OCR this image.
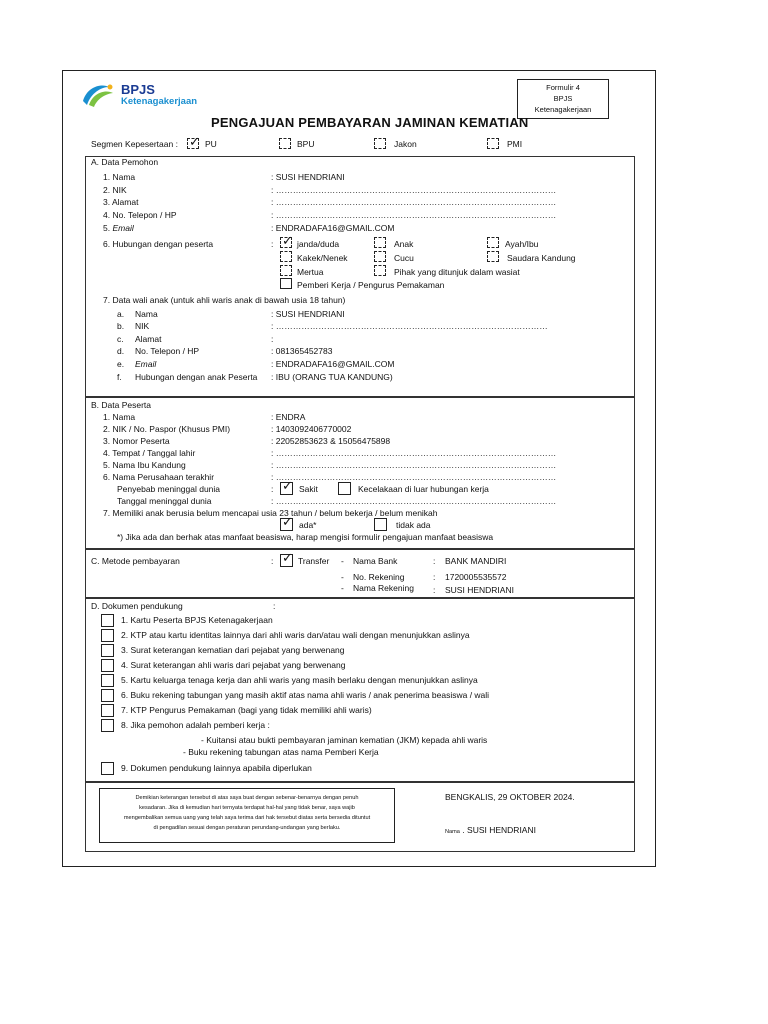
BPJS
Ketenagakerjaan
Formulir 4
BPJS
Ketenagakerjaan
PENGAJUAN PEMBAYARAN JAMINAN KEMATIAN
Segmen Kepesertaan : ✓ PU	BPU	Jakon	PMI
A. Data Pemohon
1. Nama	: SUSI HENDRIANI
2. NIK	: ………………………………………………………………………………………
3. Alamat	: ………………………………………………………………………………………
4. No. Telepon / HP	: ………………………………………………………………………………………
5. Email	: ENDRADAFA16@GMAIL.COM
6. Hubungan dengan peserta	: ✓ janda/duda	Anak	Ayah/Ibu
Kakek/Nenek	Cucu	Saudara Kandung
Mertua	Pihak yang ditunjuk dalam wasiat
Pemberi Kerja / Pengurus Pemakaman
7. Data wali anak (untuk ahli waris anak di bawah usia 18 tahun)
a. Nama	: SUSI HENDRIANI
b. NIK	: ……………………………………………………………………………………
c. Alamat	:
d. No. Telepon / HP	: 081365452783
e. Email	: ENDRADAFA16@GMAIL.COM
f. Hubungan dengan anak Peserta : IBU (ORANG TUA KANDUNG)
B. Data Peserta
1. Nama	: ENDRA
2. NIK / No. Paspor (Khusus PMI)	: 1403092406770002
3. Nomor Peserta	: 22052853623 & 15056475898
4. Tempat / Tanggal lahir	: ………………………………………………………………………………………
5. Nama Ibu Kandung	: ………………………………………………………………………………………
6. Nama Perusahaan terakhir	: ………………………………………………………………………………………
Penyebab meninggal dunia	: ✓ Sakit	Kecelakaan di luar hubungan kerja
Tanggal meninggal dunia	: ………………………………………………………………………………………
7. Memiliki anak berusia belum mencapai usia 23 tahun / belum bekerja / belum menikah
✓ ada*	tidak ada
*) Jika ada dan berhak atas manfaat beasiswa, harap mengisi formulir pengajuan manfaat beasiswa
C. Metode pembayaran	: ✓ Transfer - Nama Bank	: BANK MANDIRI
- No. Rekening	: 1720005535572
- Nama Rekening : SUSI HENDRIANI
D. Dokumen pendukung	:
1. Kartu Peserta BPJS Ketenagakerjaan
2. KTP atau kartu identitas lainnya dari ahli waris dan/atau wali dengan menunjukkan aslinya
3. Surat keterangan kematian dari pejabat yang berwenang
4. Surat keterangan ahli waris dari pejabat yang berwenang
5. Kartu keluarga tenaga kerja dan ahli waris yang masih berlaku dengan menunjukkan aslinya
6. Buku rekening tabungan yang masih aktif atas nama ahli waris / anak penerima beasiswa / wali
7. KTP Pengurus Pemakaman (bagi yang tidak memiliki ahli waris)
8. Jika pemohon adalah pemberi kerja :
- Kuitansi atau bukti pembayaran jaminan kematian (JKM) kepada ahli waris
- Buku rekening tabungan atas nama Pemberi Kerja
9. Dokumen pendukung lainnya apabila diperlukan
Demikian keterangan tersebut di atas saya buat dengan sebenar-benarnya dengan penuh
kesadaran. Jika di kemudian hari ternyata terdapat hal-hal yang tidak benar, saya wajib
mengembalikan semua uang yang telah saya terima dari hak tersebut diatas serta bersedia dituntut
di pengadilan sesuai dengan peraturan perundang-undangan yang berlaku.
BENGKALIS, 29 OKTOBER 2024.
Nama . SUSI HENDRIANI
